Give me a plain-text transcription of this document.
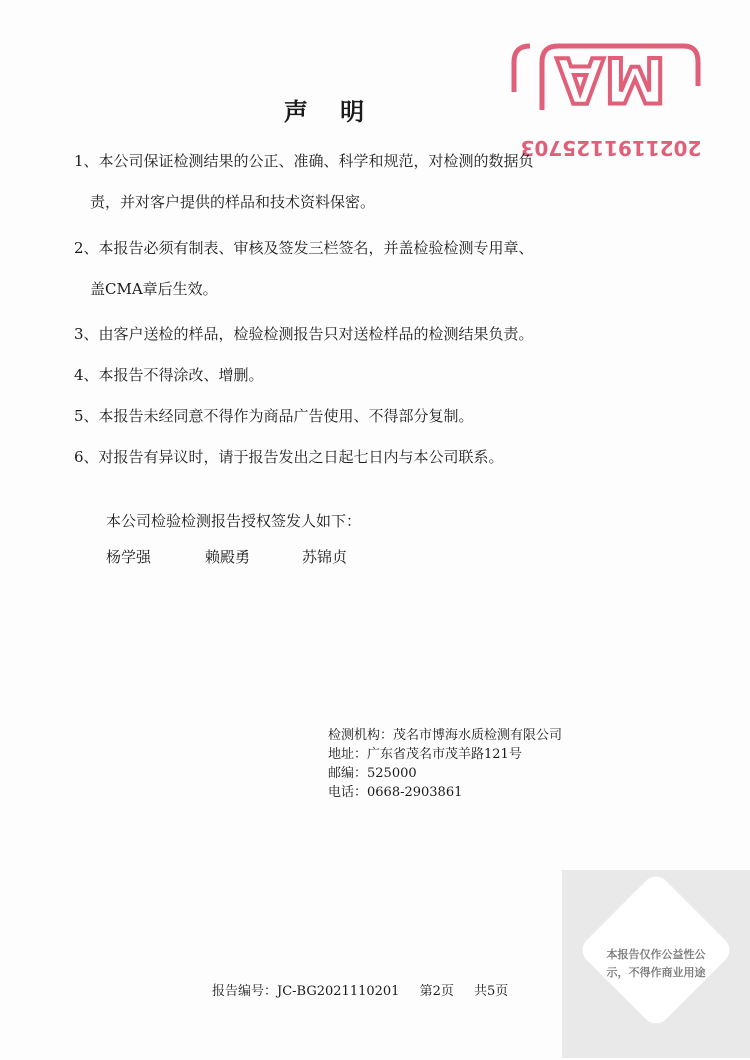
MA
2021191125703
声 明
1、本公司保证检测结果的公正、准确、科学和规范，对检测的数据负
责，并对客户提供的样品和技术资料保密。
2、本报告必须有制表、审核及签发三栏签名，并盖检验检测专用章、
盖CMA章后生效。
3、由客户送检的样品，检验检测报告只对送检样品的检测结果负责。
4、本报告不得涂改、增删。
5、本报告未经同意不得作为商品广告使用、不得部分复制。
6、对报告有异议时，请于报告发出之日起七日内与本公司联系。
本公司检验检测报告授权签发人如下：
杨学强	赖殿勇	苏锦贞
检测机构：茂名市博海水质检测有限公司
地址：广东省茂名市茂羊路121号
邮编：525000
电话：0668-2903861
报告编号：JC-BG2021110201 第2页 共5页
本报告仅作公益性公
示，不得作商业用途
